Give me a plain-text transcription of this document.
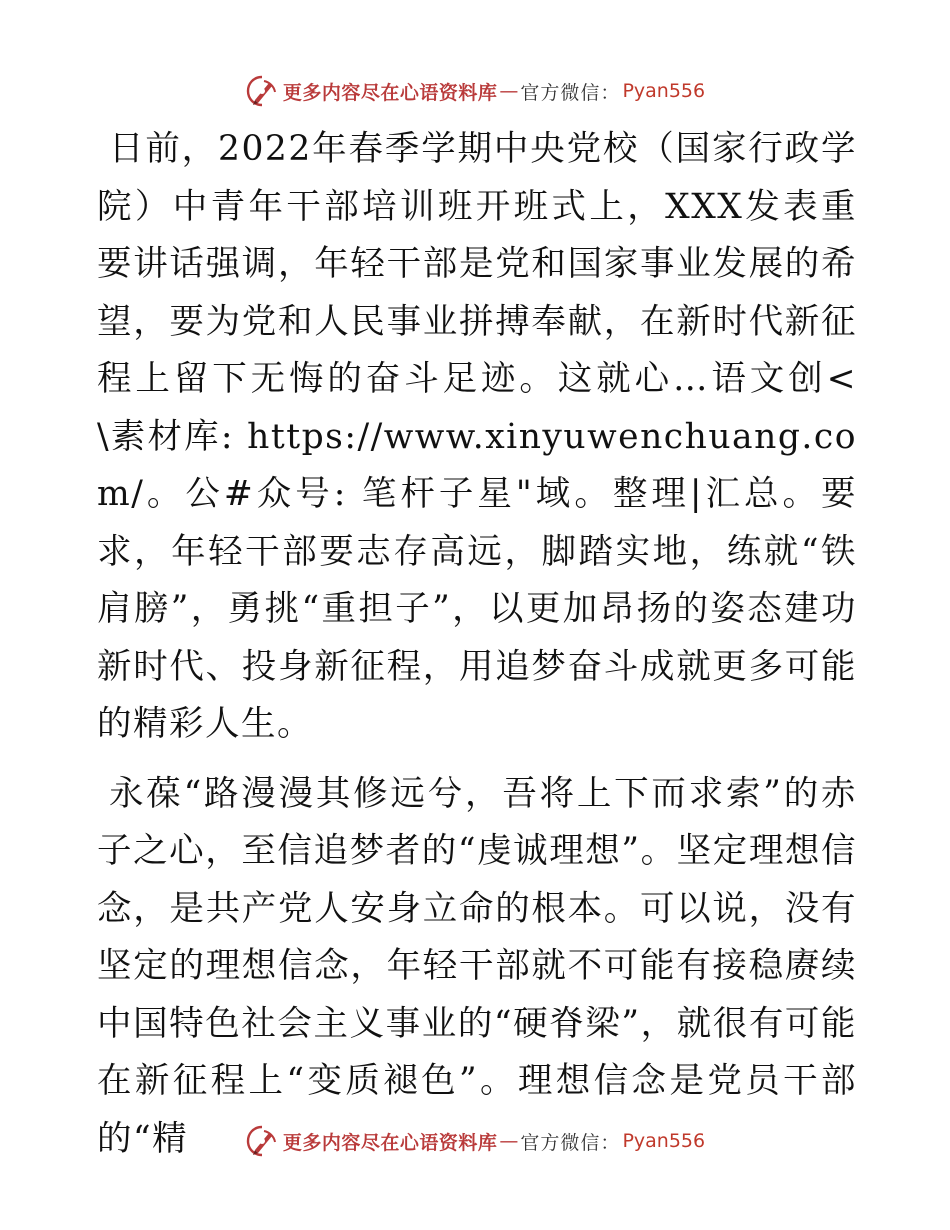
更多内容尽在心语资料库 — 官方微信： Pyan556

日前，2022年春季学期中央党校（国家行政学院）中青年干部培训班开班式上，XXX发表重要讲话强调，年轻干部是党和国家事业发展的希望，要为党和人民事业拼搏奉献，在新时代新征程上留下无悔的奋斗足迹。这就心…语文创<\素材库: https://www.xinyuwenchuang.com/。公#众号: 笔杆子星"域。整理|汇总。要求，年轻干部要志存高远，脚踏实地，练就“铁肩膀”，勇挑“重担子”，以更加昂扬的姿态建功新时代、投身新征程，用追梦奋斗成就更多可能的精彩人生。

永葆“路漫漫其修远兮，吾将上下而求索”的赤子之心，至信追梦者的“虔诚理想”。坚定理想信念，是共产党人安身立命的根本。可以说，没有坚定的理想信念，年轻干部就不可能有接稳赓续中国特色社会主义事业的“硬脊梁”，就很有可能在新征程上“变质褪色”。理想信念是党员干部的“精	更多内容尽在心语资料库 — 官方微信： Pyan556
